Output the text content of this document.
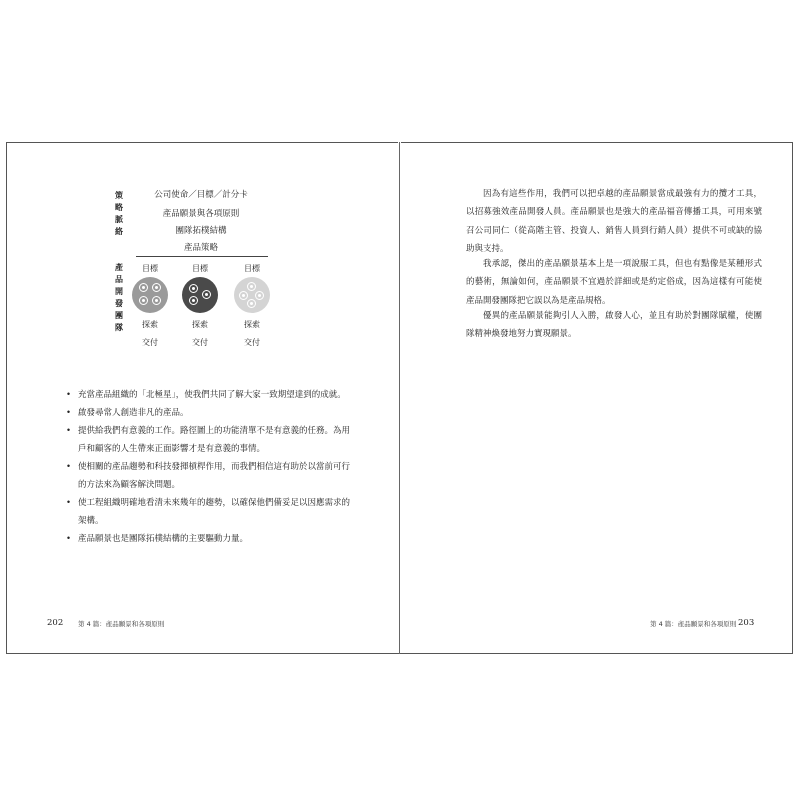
策
略
脈
絡
產
品
開
發
團
隊
公司使命／目標／計分卡
產品願景與各項原則
團隊拓樸結構
產品策略
目標
探索
交付
目標
探索
交付
目標
探索
交付
• 充當產品組織的「北極星」，使我們共同了解大家一致期望達到的成就。
• 啟發尋常人創造非凡的產品。
• 提供給我們有意義的工作。路徑圖上的功能清單不是有意義的任務。為用戶和顧客的人生帶來正面影響才是有意義的事情。
• 使相關的產品趨勢和科技發揮槓桿作用，而我們相信這有助於以當前可行的方法來為顧客解決問題。
• 使工程組織明確地看清未來幾年的趨勢，以確保他們備妥足以因應需求的架構。
• 產品願景也是團隊拓樸結構的主要驅動力量。
202 第 4 篇：產品願景和各項原則

因為有這些作用，我們可以把卓越的產品願景當成最強有力的攬才工具，以招募強效產品開發人員。產品願景也是強大的產品福音傳播工具，可用來號召公司同仁（從高階主管、投資人、銷售人員到行銷人員）提供不可或缺的協助與支持。

我承認，傑出的產品願景基本上是一項說服工具，但也有點像是某種形式的藝術，無論如何，產品願景不宜過於詳細或是約定俗成，因為這樣有可能使產品開發團隊把它誤以為是產品規格。

優異的產品願景能夠引人入勝，啟發人心，並且有助於對團隊賦權，使團隊精神煥發地努力實現願景。

第 4 篇：產品願景和各項原則 203
